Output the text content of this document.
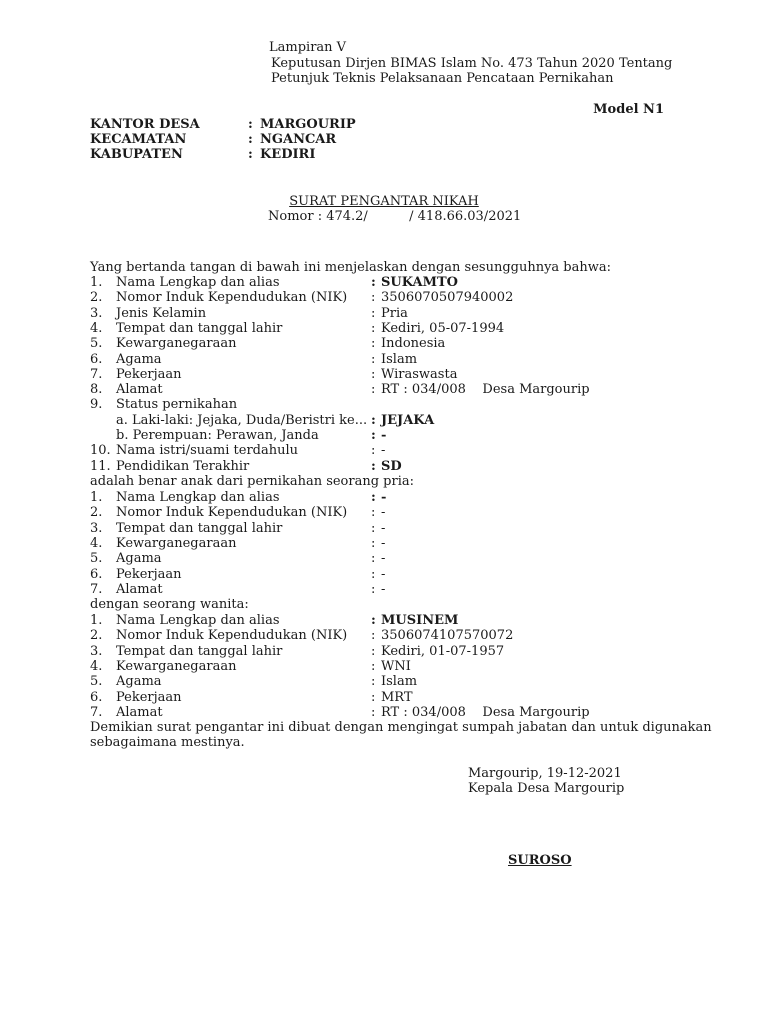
Lampiran V
Keputusan Dirjen BIMAS Islam No. 473 Tahun 2020 Tentang
Petunjuk Teknis Pelaksanaan Pencataan Pernikahan
Model N1
KANTOR DESA	: MARGOURIP
KECAMATAN	: NGANCAR
KABUPATEN	: KEDIRI
SURAT PENGANTAR NIKAH
Nomor : 474.2/          / 418.66.03/2021
Yang bertanda tangan di bawah ini menjelaskan dengan sesungguhnya bahwa:
1. Nama Lengkap dan alias	: SUKAMTO
2. Nomor Induk Kependudukan (NIK) : 3506070507940002
3. Jenis Kelamin	: Pria
4. Tempat dan tanggal lahir	: Kediri, 05-07-1994
5. Kewarganegaraan	: Indonesia
6. Agama	: Islam
7. Pekerjaan	: Wiraswasta
8. Alamat	: RT : 034/008    Desa Margourip
9. Status pernikahan
a. Laki-laki: Jejaka, Duda/Beristri ke... : JEJAKA
b. Perempuan: Perawan, Janda	: -
10. Nama istri/suami terdahulu	: -
11. Pendidikan Terakhir	: SD
adalah benar anak dari pernikahan seorang pria:
1. Nama Lengkap dan alias	: -
2. Nomor Induk Kependudukan (NIK) : -
3. Tempat dan tanggal lahir	: -
4. Kewarganegaraan	: -
5. Agama	: -
6. Pekerjaan	: -
7. Alamat	: -
dengan seorang wanita:
1. Nama Lengkap dan alias	: MUSINEM
2. Nomor Induk Kependudukan (NIK) : 3506074107570072
3. Tempat dan tanggal lahir	: Kediri, 01-07-1957
4. Kewarganegaraan	: WNI
5. Agama	: Islam
6. Pekerjaan	: MRT
7. Alamat	: RT : 034/008    Desa Margourip
Demikian surat pengantar ini dibuat dengan mengingat sumpah jabatan dan untuk digunakan
sebagaimana mestinya.
Margourip, 19-12-2021
Kepala Desa Margourip
SUROSO
